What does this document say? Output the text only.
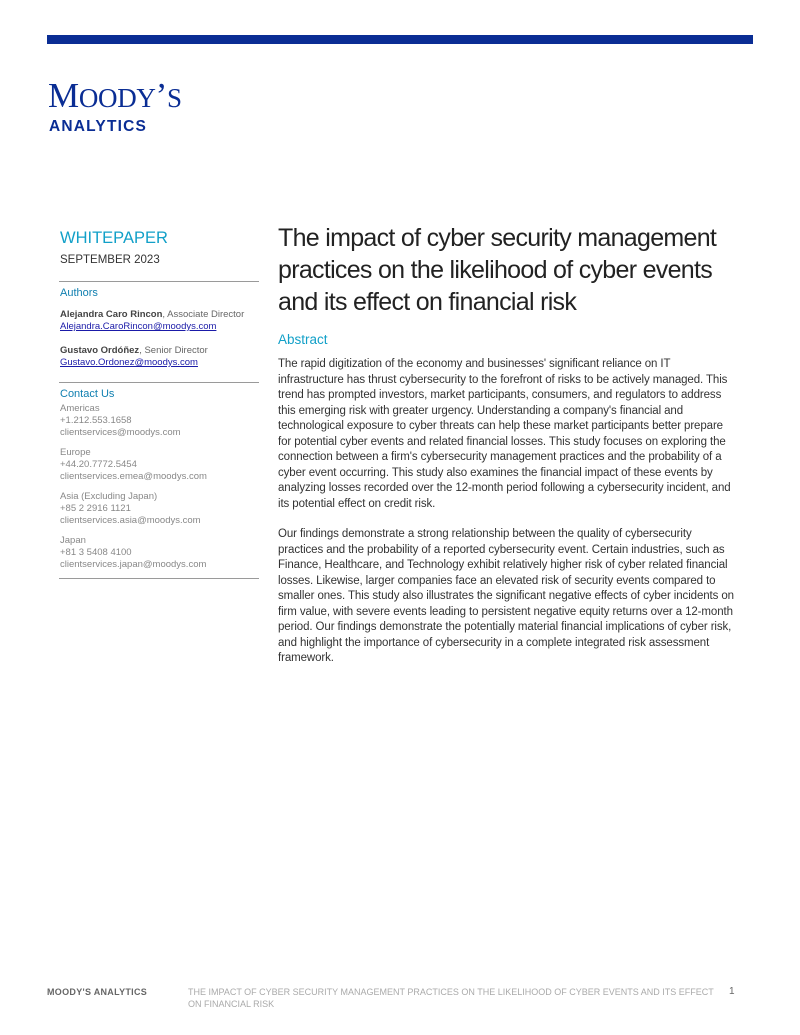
MOODY’S
ANALYTICS
WHITEPAPER
SEPTEMBER 2023
Authors
Alejandra Caro Rincon, Associate Director
Alejandra.CaroRincon@moodys.com
Gustavo Ordóñez, Senior Director
Gustavo.Ordonez@moodys.com
Contact Us
Americas
+1.212.553.1658
clientservices@moodys.com
Europe
+44.20.7772.5454
clientservices.emea@moodys.com
Asia (Excluding Japan)
+85 2 2916 1121
clientservices.asia@moodys.com
Japan
+81 3 5408 4100
clientservices.japan@moodys.com
The impact of cyber security management practices on the likelihood of cyber events and its effect on financial risk
Abstract

The rapid digitization of the economy and businesses' significant reliance on IT infrastructure has thrust cybersecurity to the forefront of risks to be actively managed. This trend has prompted investors, market participants, consumers, and regulators to address this emerging risk with greater urgency. Understanding a company's financial and technological exposure to cyber threats can help these market participants better prepare for potential cyber events and related financial losses. This study focuses on exploring the connection between a firm's cybersecurity management practices and the probability of a cyber event occurring. This study also examines the financial impact of these events by analyzing losses recorded over the 12-month period following a cybersecurity incident, and its potential effect on credit risk.

Our findings demonstrate a strong relationship between the quality of cybersecurity practices and the probability of a reported cybersecurity event. Certain industries, such as Finance, Healthcare, and Technology exhibit relatively higher risk of cyber related financial losses. Likewise, larger companies face an elevated risk of security events compared to smaller ones. This study also illustrates the significant negative effects of cyber incidents on firm value, with severe events leading to persistent negative equity returns over a 12-month period. Our findings demonstrate the potentially material financial implications of cyber risk, and highlight the importance of cybersecurity in a complete integrated risk assessment framework.

MOODY'S ANALYTICS	THE IMPACT OF CYBER SECURITY MANAGEMENT PRACTICES ON THE LIKELIHOOD OF CYBER EVENTS AND ITS EFFECT ON FINANCIAL RISK
1
